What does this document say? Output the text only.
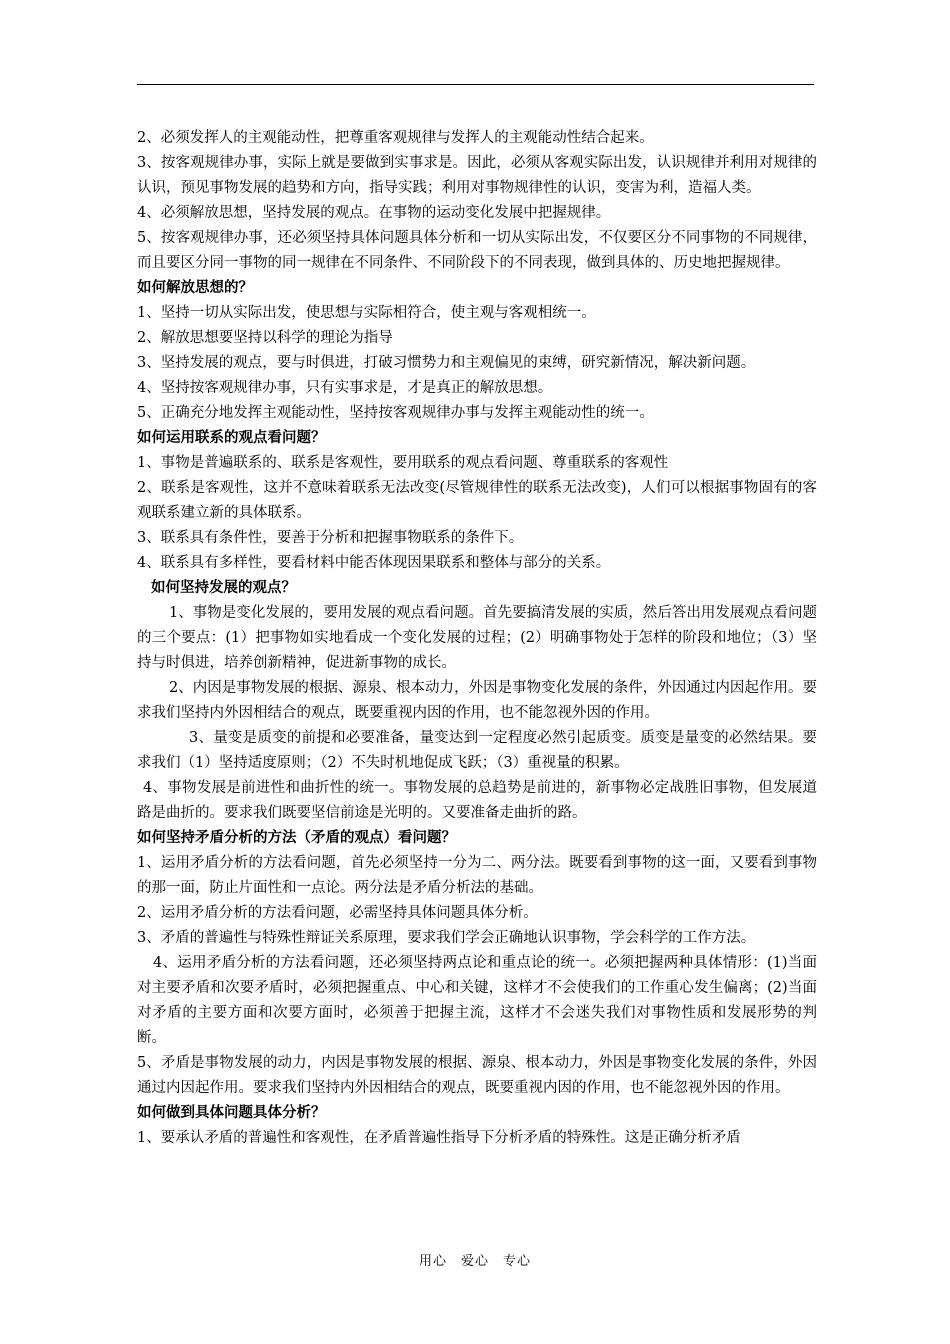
2、必须发挥人的主观能动性，把尊重客观规律与发挥人的主观能动性结合起来。

3、按客观规律办事，实际上就是要做到实事求是。因此，必须从客观实际出发，认识规律并利用对规律的认识，预见事物发展的趋势和方向，指导实践；利用对事物规律性的认识，变害为利，造福人类。

4、必须解放思想，坚持发展的观点。在事物的运动变化发展中把握规律。

5、按客观规律办事，还必须坚持具体问题具体分析和一切从实际出发，不仅要区分不同事物的不同规律，而且要区分同一事物的同一规律在不同条件、不同阶段下的不同表现，做到具体的、历史地把握规律。

如何解放思想的？

1、坚持一切从实际出发，使思想与实际相符合，使主观与客观相统一。

2、解放思想要坚持以科学的理论为指导

3、坚持发展的观点，要与时俱进，打破习惯势力和主观偏见的束缚，研究新情况，解决新问题。

4、坚持按客观规律办事，只有实事求是，才是真正的解放思想。

5、正确充分地发挥主观能动性，坚持按客观规律办事与发挥主观能动性的统一。

如何运用联系的观点看问题？

1、事物是普遍联系的、联系是客观性，要用联系的观点看问题、尊重联系的客观性

2、联系是客观性，这并不意味着联系无法改变(尽管规律性的联系无法改变)，人们可以根据事物固有的客观联系建立新的具体联系。

3、联系具有条件性，要善于分析和把握事物联系的条件下。

4、联系具有多样性，要看材料中能否体现因果联系和整体与部分的关系。

如何坚持发展的观点？

1、事物是变化发展的，要用发展的观点看问题。首先要搞清发展的实质，然后答出用发展观点看问题的三个要点：(1）把事物如实地看成一个变化发展的过程；(2）明确事物处于怎样的阶段和地位；（3）坚持与时俱进，培养创新精神，促进新事物的成长。

2、内因是事物发展的根据、源泉、根本动力，外因是事物变化发展的条件，外因通过内因起作用。要求我们坚持内外因相结合的观点，既要重视内因的作用，也不能忽视外因的作用。

3、量变是质变的前提和必要准备，量变达到一定程度必然引起质变。质变是量变的必然结果。要求我们（1）坚持适度原则；（2）不失时机地促成飞跃；（3）重视量的积累。

4、事物发展是前进性和曲折性的统一。事物发展的总趋势是前进的，新事物必定战胜旧事物，但发展道路是曲折的。要求我们既要坚信前途是光明的。又要准备走曲折的路。

如何坚持矛盾分析的方法（矛盾的观点）看问题？

1、运用矛盾分析的方法看问题，首先必须坚持一分为二、两分法。既要看到事物的这一面，又要看到事物的那一面，防止片面性和一点论。两分法是矛盾分析法的基础。

2、运用矛盾分析的方法看问题，必需坚持具体问题具体分析。

3、矛盾的普遍性与特殊性辩证关系原理，要求我们学会正确地认识事物，学会科学的工作方法。

4、运用矛盾分析的方法看问题，还必须坚持两点论和重点论的统一。必须把握两种具体情形：(1)当面对主要矛盾和次要矛盾时，必须把握重点、中心和关键，这样才不会使我们的工作重心发生偏离；(2)当面对矛盾的主要方面和次要方面时，必须善于把握主流，这样才不会迷失我们对事物性质和发展形势的判断。

5、矛盾是事物发展的动力，内因是事物发展的根据、源泉、根本动力，外因是事物变化发展的条件，外因通过内因起作用。要求我们坚持内外因相结合的观点，既要重视内因的作用，也不能忽视外因的作用。

如何做到具体问题具体分析？

1、要承认矛盾的普遍性和客观性，在矛盾普遍性指导下分析矛盾的特殊性。这是正确分析矛盾

用心　爱心　专心
